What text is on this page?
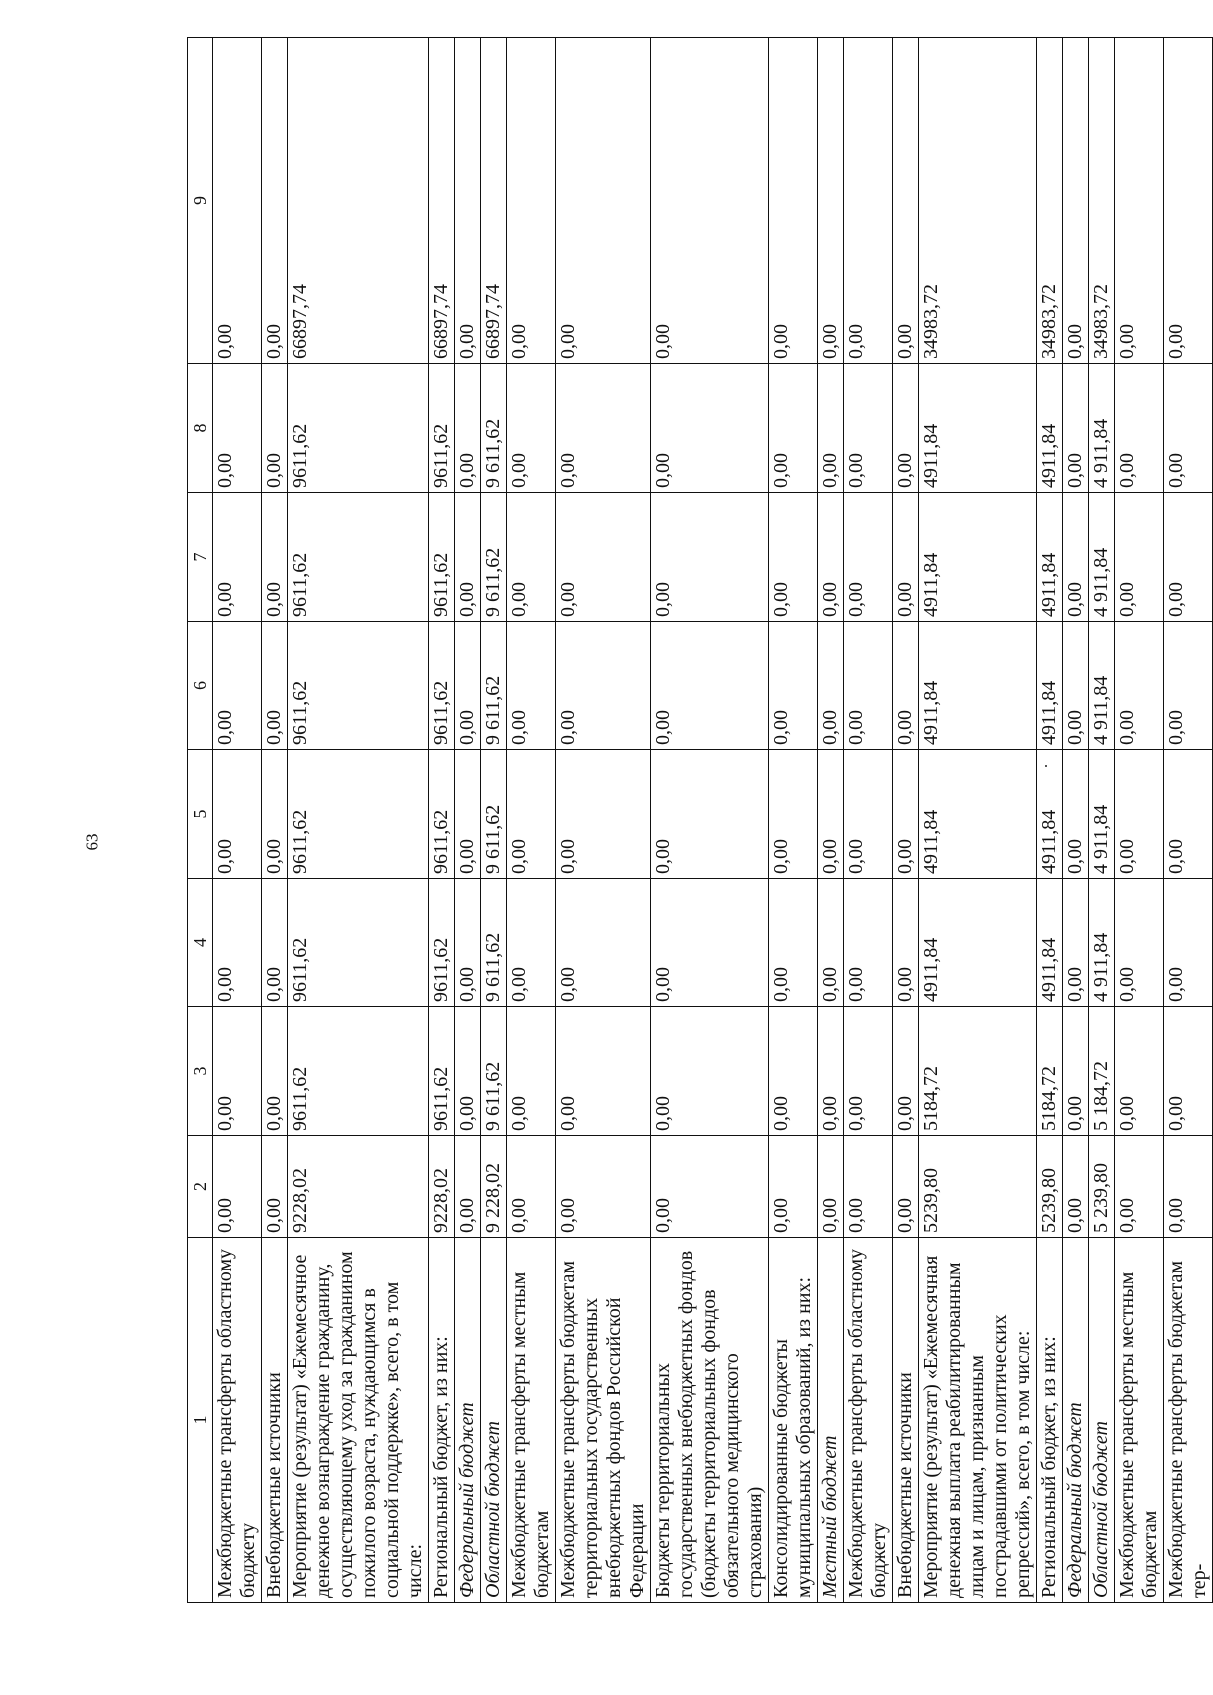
63
1	2	3	4	5	6	7	8	9
Межбюджетные трансферты областному бюджету	0,00	0,00	0,00	0,00	0,00	0,00	0,00	0,00
Внебюджетные источники	0,00	0,00	0,00	0,00	0,00	0,00	0,00	0,00
Мероприятие (результат) «Ежемесячное денежное вознаграждение гражданину, осуществляющему уход за гражданином пожилого возраста, нуждающимся в социальной поддержке», всего, в том числе:	9228,02	9611,62	9611,62	9611,62	9611,62	9611,62	9611,62	66897,74
Региональный бюджет, из них:	9228,02	9611,62	9611,62	9611,62	9611,62	9611,62	9611,62	66897,74
Федеральный бюджет	0,00	0,00	0,00	0,00	0,00	0,00	0,00	0,00
Областной бюджет	9 228,02	9 611,62	9 611,62	9 611,62	9 611,62	9 611,62	9 611,62	66897,74
Межбюджетные трансферты местным бюджетам	0,00	0,00	0,00	0,00	0,00	0,00	0,00	0,00
Межбюджетные трансферты бюджетам территориальных государственных внебюджетных фондов Российской Федерации	0,00	0,00	0,00	0,00	0,00	0,00	0,00	0,00
Бюджеты территориальных государственных внебюджетных фондов (бюджеты территориальных фондов обязательного медицинского страхования)	0,00	0,00	0,00	0,00	0,00	0,00	0,00	0,00
Консолидированные бюджеты муниципальных образований, из них:	0,00	0,00	0,00	0,00	0,00	0,00	0,00	0,00
Местный бюджет	0,00	0,00	0,00	0,00	0,00	0,00	0,00	0,00
Межбюджетные трансферты областному бюджету	0,00	0,00	0,00	0,00	0,00	0,00	0,00	0,00
Внебюджетные источники	0,00	0,00	0,00	0,00	0,00	0,00	0,00	0,00
Мероприятие (результат) «Ежемесячная денежная выплата реабилитированным лицам и лицам, признанным пострадавшими от политических репрессий», всего, в том числе:	5239,80	5184,72	4911,84	4911,84	4911,84	4911,84	4911,84	34983,72
Региональный бюджет, из них:	5239,80	5184,72	4911,84	4911,84	4911,84	4911,84	4911,84	34983,72
Федеральный бюджет	0,00	0,00	0,00	0,00	0,00	0,00	0,00	0,00
Областной бюджет	5 239,80	5 184,72	4 911,84	4 911,84	4 911,84	4 911,84	4 911,84	34983,72
Межбюджетные трансферты местным бюджетам	0,00	0,00	0,00	0,00	0,00	0,00	0,00	0,00
Межбюджетные трансферты бюджетам тер-	0,00	0,00	0,00	0,00	0,00	0,00	0,00	0,00
